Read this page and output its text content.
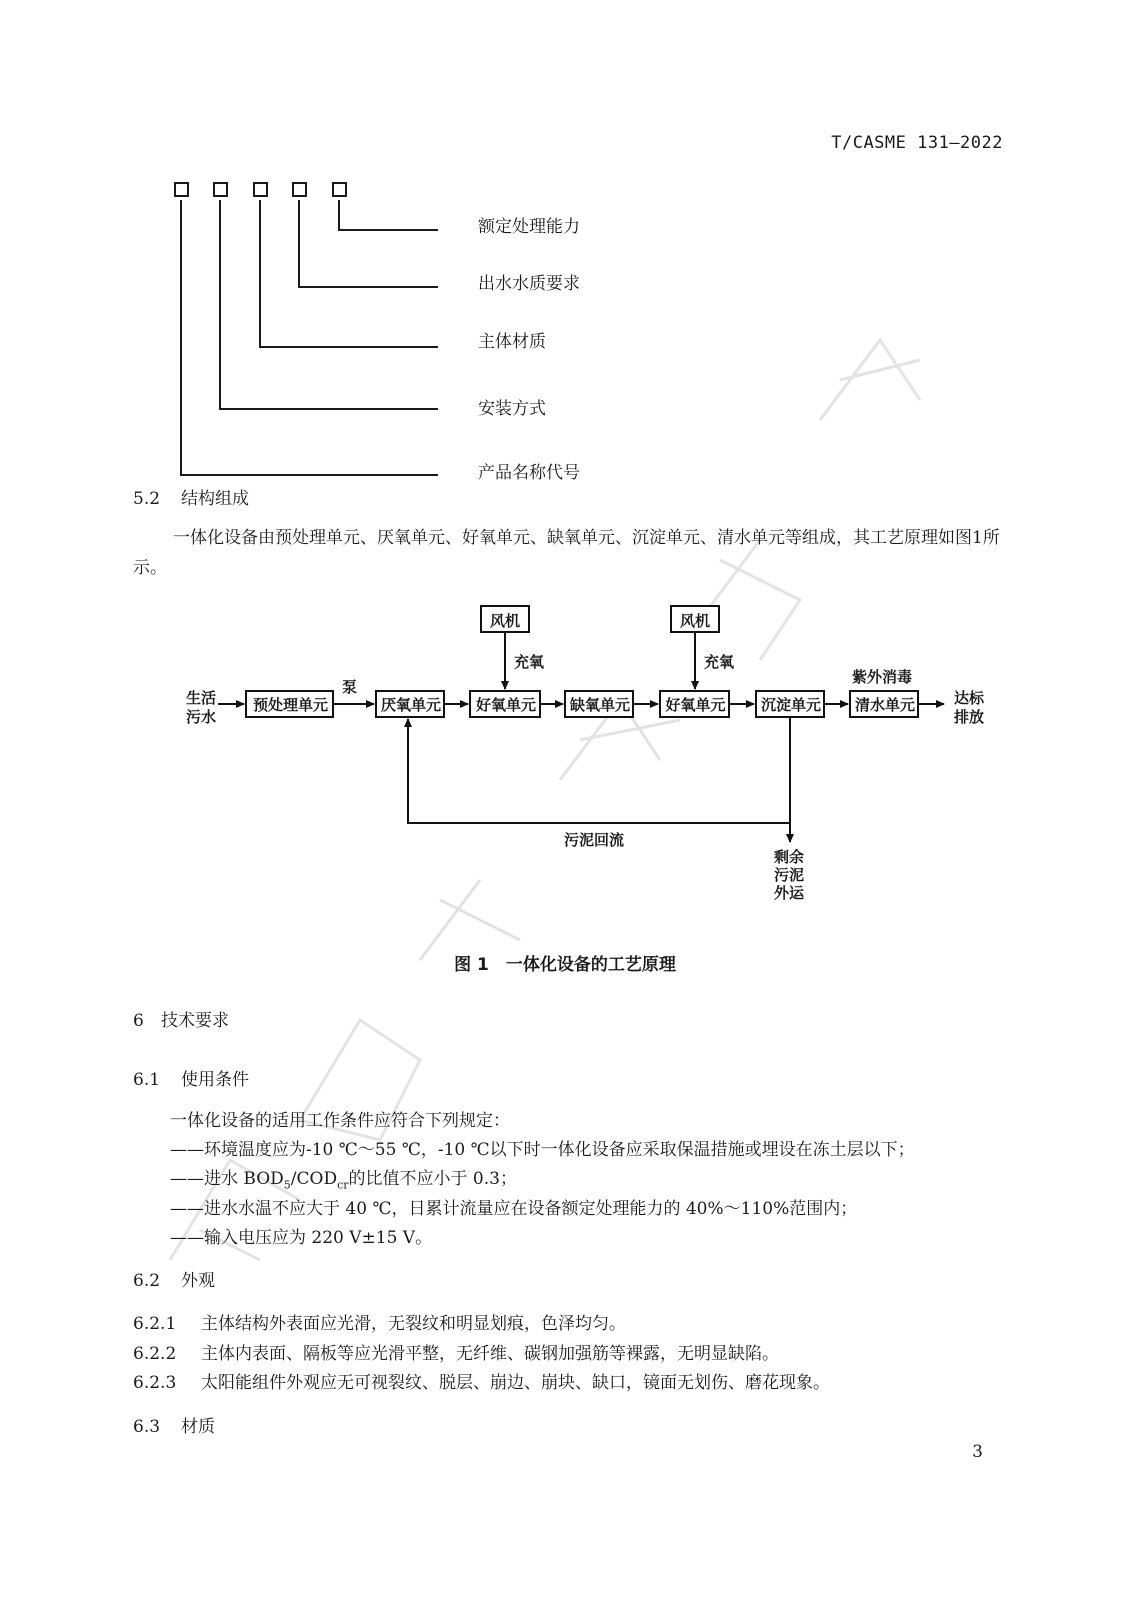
T/CASME 131—2022
额定处理能力
出水水质要求
主体材质
安装方式
产品名称代号
5.2 结构组成
一体化设备由预处理单元、厌氧单元、好氧单元、缺氧单元、沉淀单元、清水单元等组成，其工艺原理如图1所示。
生活
污水
泵
风机	风机
充氧	充氧
紫外消毒
预处理单元	厌氧单元	好氧单元	缺氧单元	好氧单元	沉淀单元	清水单元	达标
排放
污泥回流
剩余
污泥
外运
图 1　一体化设备的工艺原理
6 技术要求
6.1 使用条件
一体化设备的适用工作条件应符合下列规定：
——环境温度应为-10 ℃～55 ℃，-10 ℃以下时一体化设备应采取保温措施或埋设在冻土层以下；
——进水 $BOD_5/COD_{cr}$的比值不应小于 0.3；
——进水水温不应大于 40 ℃，日累计流量应在设备额定处理能力的 40%～110%范围内；
——输入电压应为 220 V±15 V。
6.2 外观
6.2.1 主体结构外表面应光滑，无裂纹和明显划痕，色泽均匀。
6.2.2 主体内表面、隔板等应光滑平整，无纤维、碳钢加强筋等裸露，无明显缺陷。
6.2.3 太阳能组件外观应无可视裂纹、脱层、崩边、崩块、缺口，镜面无划伤、磨花现象。
6.3 材质
3
